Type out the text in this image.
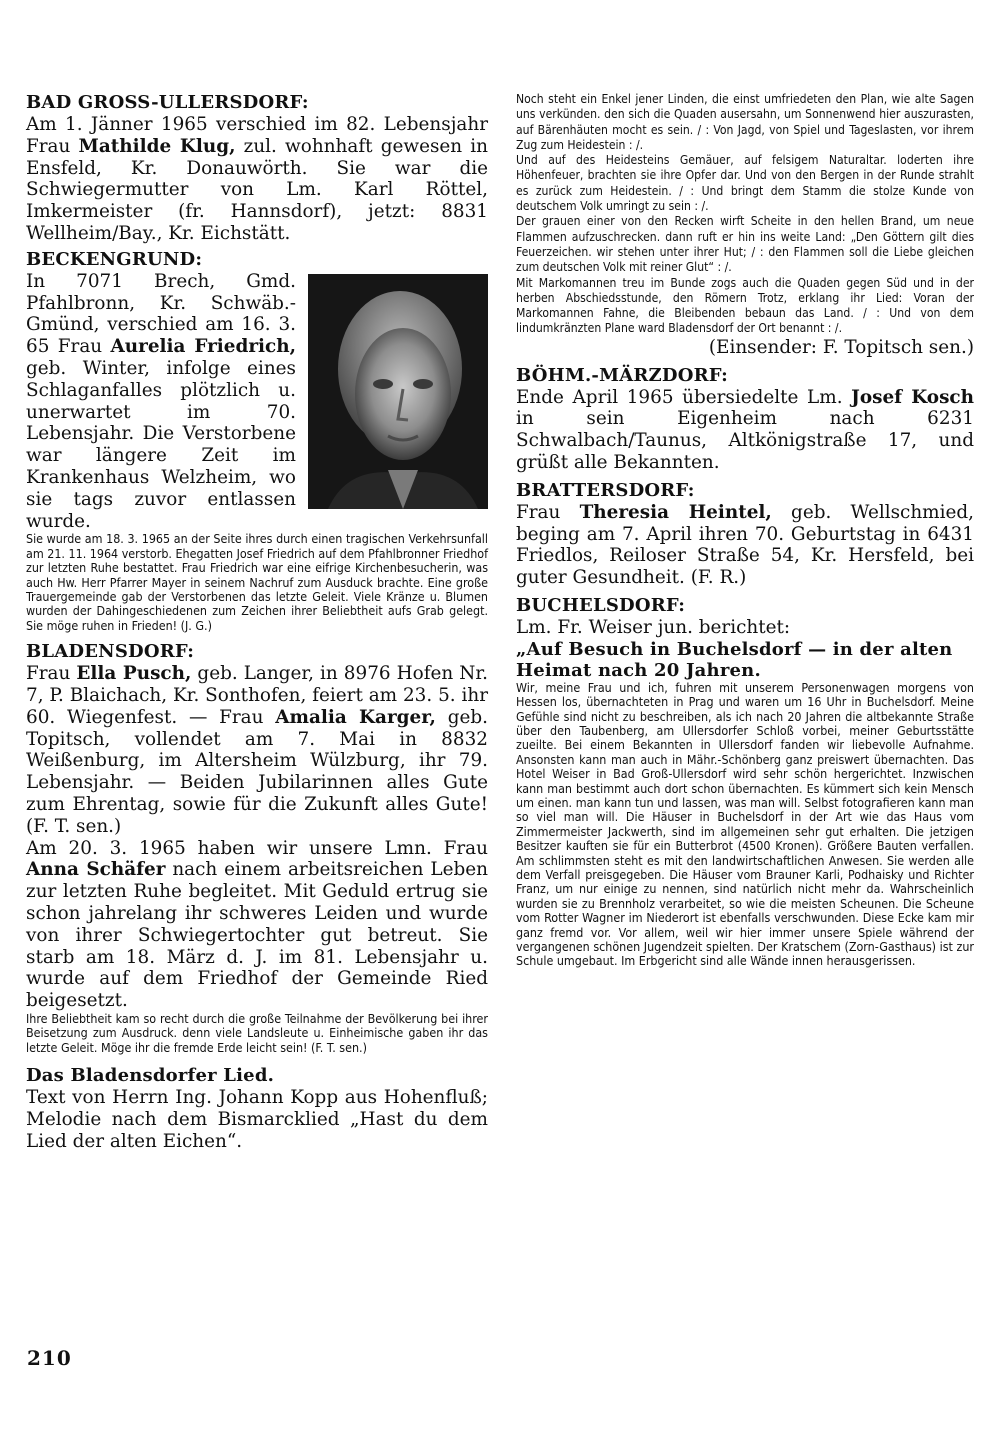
BAD GROSS-ULLERSDORF:

Am 1. Jänner 1965 verschied im 82. Lebensjahr Frau Mathilde Klug, zul. wohnhaft gewesen in Ensfeld, Kr. Donauwörth. Sie war die Schwiegermutter von Lm. Karl Röttel, Imkermeister (fr. Hannsdorf), jetzt: 8831 Wellheim/Bay., Kr. Eichstätt.

BECKENGRUND:

In 7071 Brech, Gmd. Pfahlbronn, Kr. Schwäb.-Gmünd, verschied am 16. 3. 65 Frau Aurelia Friedrich, geb. Winter, infolge eines Schlaganfalles plötzlich u. unerwartet im 70. Lebensjahr. Die Verstorbene war längere Zeit im Krankenhaus Welzheim, wo sie tags zuvor entlassen wurde.

Sie wurde am 18. 3. 1965 an der Seite ihres durch einen tragischen Verkehrsunfall am 21. 11. 1964 verstorb. Ehegatten Josef Friedrich auf dem Pfahlbronner Friedhof zur letzten Ruhe bestattet. Frau Friedrich war eine eifrige Kirchenbesucherin, was auch Hw. Herr Pfarrer Mayer in seinem Nachruf zum Ausduck brachte. Eine große Trauergemeinde gab der Verstorbenen das letzte Geleit. Viele Kränze u. Blumen wurden der Dahingeschiedenen zum Zeichen ihrer Beliebtheit aufs Grab gelegt. Sie möge ruhen in Frieden! (J. G.)

BLADENSDORF:

Frau Ella Pusch, geb. Langer, in 8976 Hofen Nr. 7, P. Blaichach, Kr. Sonthofen, feiert am 23. 5. ihr 60. Wiegenfest. — Frau Amalia Karger, geb. Topitsch, vollendet am 7. Mai in 8832 Weißenburg, im Altersheim Wülzburg, ihr 79. Lebensjahr. — Beiden Jubilarinnen alles Gute zum Ehrentag, sowie für die Zukunft alles Gute! (F. T. sen.)

Am 20. 3. 1965 haben wir unsere Lmn. Frau Anna Schäfer nach einem arbeitsreichen Leben zur letzten Ruhe begleitet. Mit Geduld ertrug sie schon jahrelang ihr schweres Leiden und wurde von ihrer Schwiegertochter gut betreut. Sie starb am 18. März d. J. im 81. Lebensjahr u. wurde auf dem Friedhof der Gemeinde Ried beigesetzt.

Ihre Beliebtheit kam so recht durch die große Teilnahme der Bevölkerung bei ihrer Beisetzung zum Ausdruck. denn viele Landsleute u. Einheimische gaben ihr das letzte Geleit. Möge ihr die fremde Erde leicht sein! (F. T. sen.)

Das Bladensdorfer Lied.

Text von Herrn Ing. Johann Kopp aus Hohenfluß; Melodie nach dem Bismarcklied „Hast du dem Lied der alten Eichen“.

Noch steht ein Enkel jener Linden, die einst umfriedeten den Plan, wie alte Sagen uns verkünden. den sich die Quaden ausersahn, um Sonnenwend hier auszurasten, auf Bärenhäuten mocht es sein. / : Von Jagd, von Spiel und Tageslasten, vor ihrem Zug zum Heidestein : /.

Und auf des Heidesteins Gemäuer, auf felsigem Naturaltar. loderten ihre Höhenfeuer, brachten sie ihre Opfer dar. Und von den Bergen in der Runde strahlt es zurück zum Heidestein. / : Und bringt dem Stamm die stolze Kunde von deutschem Volk umringt zu sein : /.

Der grauen einer von den Recken wirft Scheite in den hellen Brand, um neue Flammen aufzuschrecken. dann ruft er hin ins weite Land: „Den Göttern gilt dies Feuerzeichen. wir stehen unter ihrer Hut; / : den Flammen soll die Liebe gleichen zum deutschen Volk mit reiner Glut“ : /.

Mit Markomannen treu im Bunde zogs auch die Quaden gegen Süd und in der herben Abschiedsstunde, den Römern Trotz, erklang ihr Lied: Voran der Markomannen Fahne, die Bleibenden bebaun das Land. / : Und von dem lindumkränzten Plane ward Bladensdorf der Ort benannt : /.

(Einsender: F. Topitsch sen.)

BÖHM.-MÄRZDORF:

Ende April 1965 übersiedelte Lm. Josef Kosch in sein Eigenheim nach 6231 Schwalbach/Taunus, Altkönigstraße 17, und grüßt alle Bekannten.

BRATTERSDORF:

Frau Theresia Heintel, geb. Wellschmied, beging am 7. April ihren 70. Geburtstag in 6431 Friedlos, Reiloser Straße 54, Kr. Hersfeld, bei guter Gesundheit. (F. R.)

BUCHELSDORF:

Lm. Fr. Weiser jun. berichtet:

„Auf Besuch in Buchelsdorf — in der alten Heimat nach 20 Jahren.

Wir, meine Frau und ich, fuhren mit unserem Personenwagen morgens von Hessen los, übernachteten in Prag und waren um 16 Uhr in Buchelsdorf. Meine Gefühle sind nicht zu beschreiben, als ich nach 20 Jahren die altbekannte Straße über den Taubenberg, am Ullersdorfer Schloß vorbei, meiner Geburtsstätte zueilte. Bei einem Bekannten in Ullersdorf fanden wir liebevolle Aufnahme. Ansonsten kann man auch in Mähr.-Schönberg ganz preiswert übernachten. Das Hotel Weiser in Bad Groß-Ullersdorf wird sehr schön hergerichtet. Inzwischen kann man bestimmt auch dort schon übernachten. Es kümmert sich kein Mensch um einen. man kann tun und lassen, was man will. Selbst fotografieren kann man so viel man will. Die Häuser in Buchelsdorf in der Art wie das Haus vom Zimmermeister Jackwerth, sind im allgemeinen sehr gut erhalten. Die jetzigen Besitzer kauften sie für ein Butterbrot (4500 Kronen). Größere Bauten verfallen. Am schlimmsten steht es mit den landwirtschaftlichen Anwesen. Sie werden alle dem Verfall preisgegeben. Die Häuser vom Brauner Karli, Podhaisky und Richter Franz, um nur einige zu nennen, sind natürlich nicht mehr da. Wahrscheinlich wurden sie zu Brennholz verarbeitet, so wie die meisten Scheunen. Die Scheune vom Rotter Wagner im Niederort ist ebenfalls verschwunden. Diese Ecke kam mir ganz fremd vor. Vor allem, weil wir hier immer unsere Spiele während der vergangenen schönen Jugendzeit spielten. Der Kratschem (Zorn-Gasthaus) ist zur Schule umgebaut. Im Erbgericht sind alle Wände innen herausgerissen.

210
